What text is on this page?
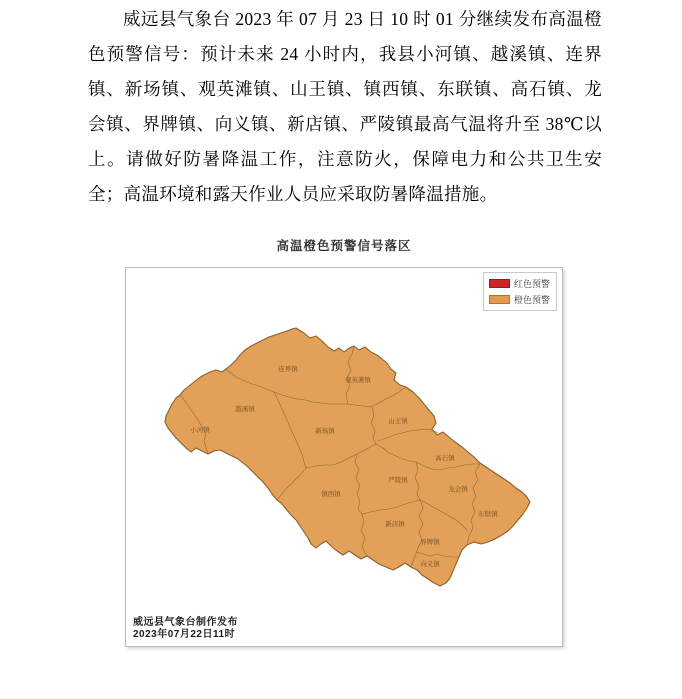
威远县气象台 2023 年 07 月 23 日 10 时 01 分继续发布高温橙色预警信号：预计未来 24 小时内，我县小河镇、越溪镇、连界镇、新场镇、观英滩镇、山王镇、镇西镇、东联镇、高石镇、龙会镇、界牌镇、向义镇、新店镇、严陵镇最高气温将升至 38℃以上。请做好防暑降温工作，注意防火，保障电力和公共卫生安全；高温环境和露天作业人员应采取防暑降温措施。

高温橙色预警信号落区
连界镇
观英滩镇
越溪镇
小河镇	新场镇
山王镇
高石镇
严陵镇
龙会镇
东联镇
镇西镇
新店镇
界牌镇
向义镇
红色预警
橙色预警
威远县气象台制作发布
2023年07月22日11时
